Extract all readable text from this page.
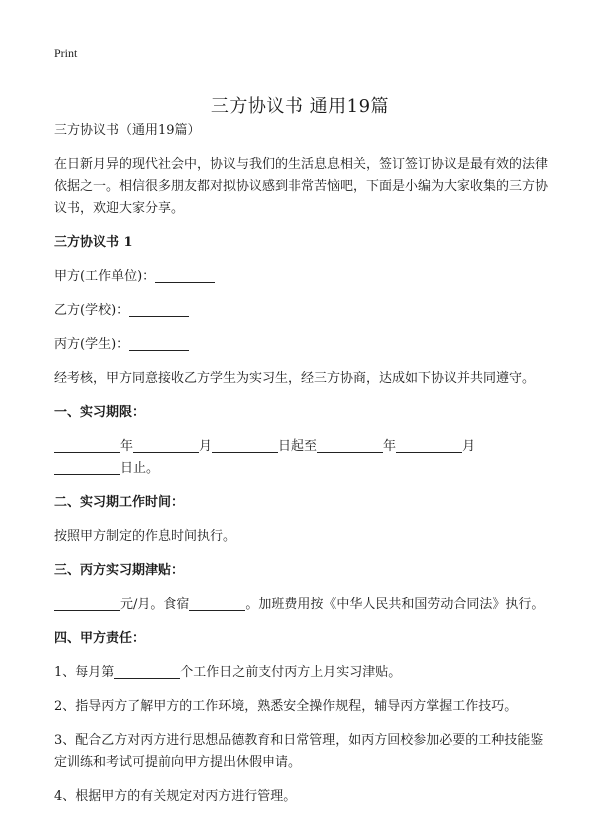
Print
三方协议书 通用19篇

三方协议书（通用19篇）

在日新月异的现代社会中，协议与我们的生活息息相关，签订签订协议是最有效的法律依据之一。相信很多朋友都对拟协议感到非常苦恼吧，下面是小编为大家收集的三方协议书，欢迎大家分享。

三方协议书 1

甲方(工作单位)：

乙方(学校)：

丙方(学生)：

经考核，甲方同意接收乙方学生为实习生，经三方协商，达成如下协议并共同遵守。

一、实习期限：

年	月	日起至	年	月
日止。

二、实习期工作时间：

按照甲方制定的作息时间执行。

三、丙方实习期津贴：

元/月。食宿	。加班费用按《中华人民共和国劳动合同法》执行。

四、甲方责任：

1、每月第	个工作日之前支付丙方上月实习津贴。

2、指导丙方了解甲方的工作环境，熟悉安全操作规程，辅导丙方掌握工作技巧。

3、配合乙方对丙方进行思想品德教育和日常管理，如丙方回校参加必要的工种技能鉴定训练和考试可提前向甲方提出休假申请。

4、根据甲方的有关规定对丙方进行管理。
